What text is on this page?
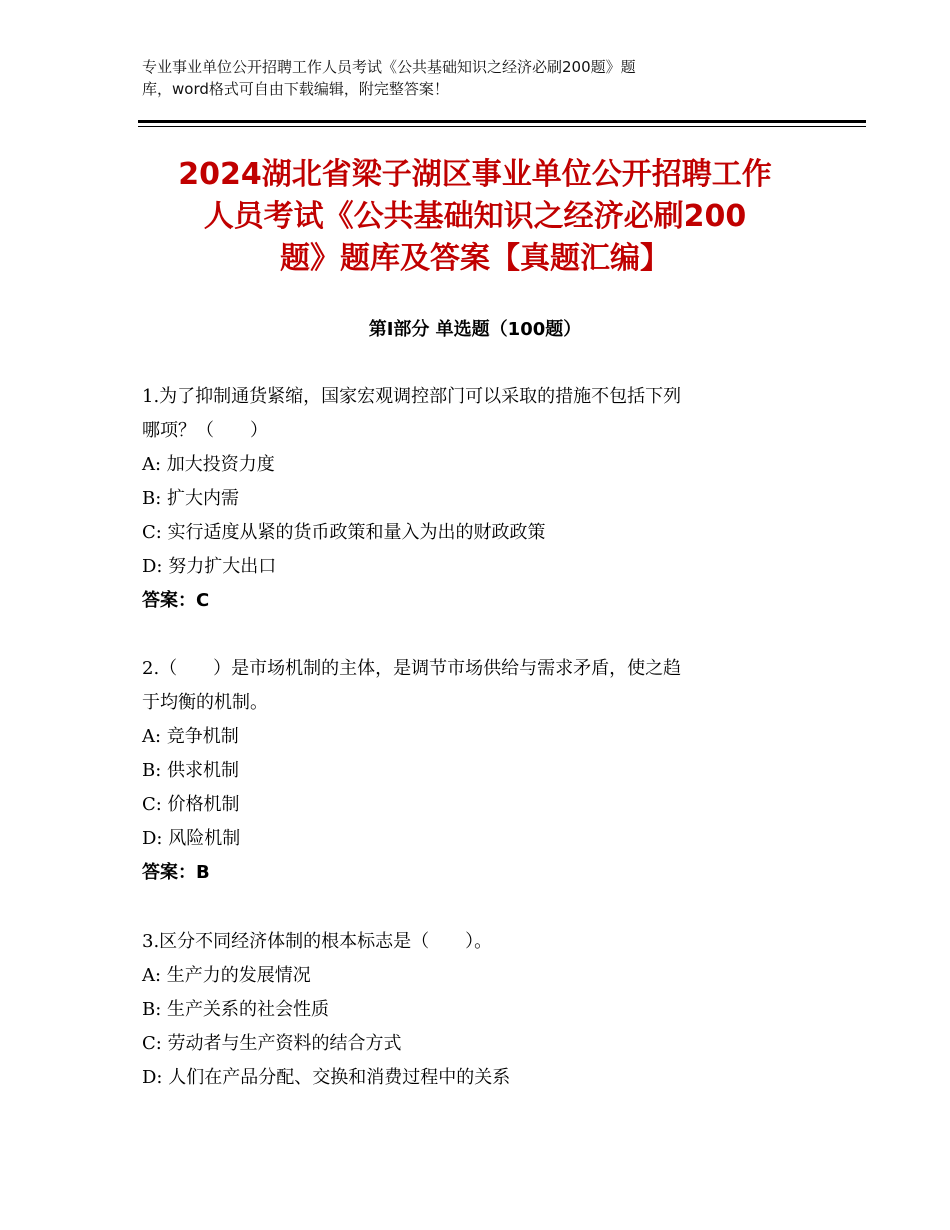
专业事业单位公开招聘工作人员考试《公共基础知识之经济必刷200题》题
库，word格式可自由下载编辑，附完整答案！
2024湖北省梁子湖区事业单位公开招聘工作
人员考试《公共基础知识之经济必刷200
题》题库及答案【真题汇编】
第Ⅰ部分 单选题（100题）

1.为了抑制通货紧缩，国家宏观调控部门可以采取的措施不包括下列

哪项？（　　）

A: 加大投资力度

B: 扩大内需

C: 实行适度从紧的货币政策和量入为出的财政政策

D: 努力扩大出口

答案：C

2.（　　）是市场机制的主体，是调节市场供给与需求矛盾，使之趋

于均衡的机制。

A: 竞争机制

B: 供求机制

C: 价格机制

D: 风险机制

答案：B

3.区分不同经济体制的根本标志是（　　）。

A: 生产力的发展情况

B: 生产关系的社会性质

C: 劳动者与生产资料的结合方式

D: 人们在产品分配、交换和消费过程中的关系
